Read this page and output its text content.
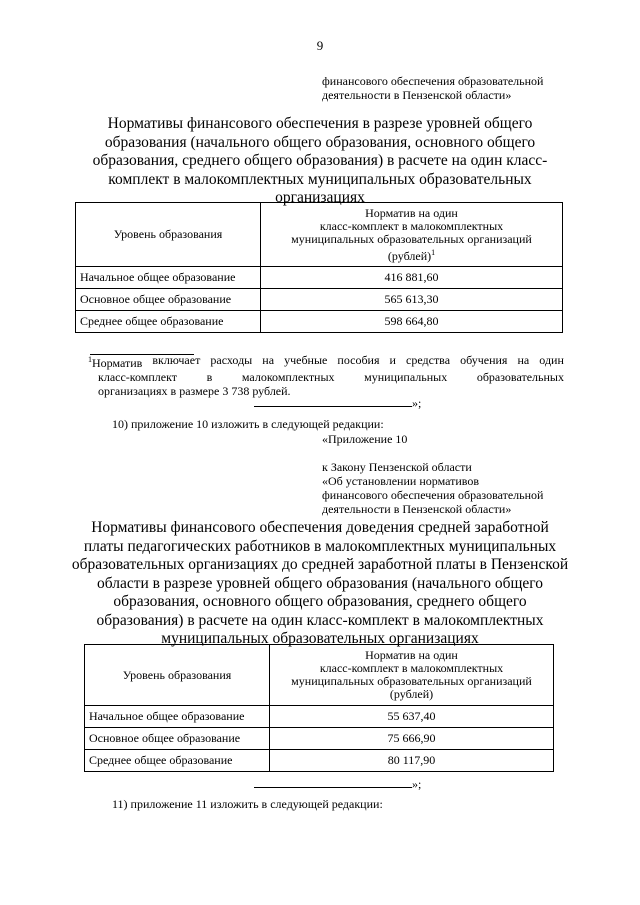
9
финансового обеспечения образовательной
деятельности в Пензенской области»
Нормативы финансового обеспечения в разрезе уровней общего
образования (начального общего образования, основного общего
образования, среднего общего образования) в расчете на один класс-
комплект в малокомплектных муниципальных образовательных
организациях
Уровень образования	Норматив на один
класс-комплект в малокомплектных
муниципальных образовательных организаций
(рублей)$^1$

Начальное общее образование	416 881,60
Основное общее образование	565 613,30
Среднее общее образование	598 664,80
$^1$Норматив включает расходы на учебные пособия и средства обучения на один
класс-комплект в малокомплектных муниципальных образовательных
организациях в размере 3 738 рублей.
»;
10) приложение 10 изложить в следующей редакции:
«Приложение 10
к Закону Пензенской области
«Об установлении нормативов
финансового обеспечения образовательной
деятельности в Пензенской области»
Нормативы финансового обеспечения доведения средней заработной
платы педагогических работников в малокомплектных муниципальных
образовательных организациях до средней заработной платы в Пензенской
области в разрезе уровней общего образования (начального общего
образования, основного общего образования, среднего общего
образования) в расчете на один класс-комплект в малокомплектных
муниципальных образовательных организациях
Уровень образования	Норматив на один
класс-комплект в малокомплектных
муниципальных образовательных организаций
(рублей)

Начальное общее образование	55 637,40
Основное общее образование	75 666,90
Среднее общее образование	80 117,90
»;
11) приложение 11 изложить в следующей редакции:
